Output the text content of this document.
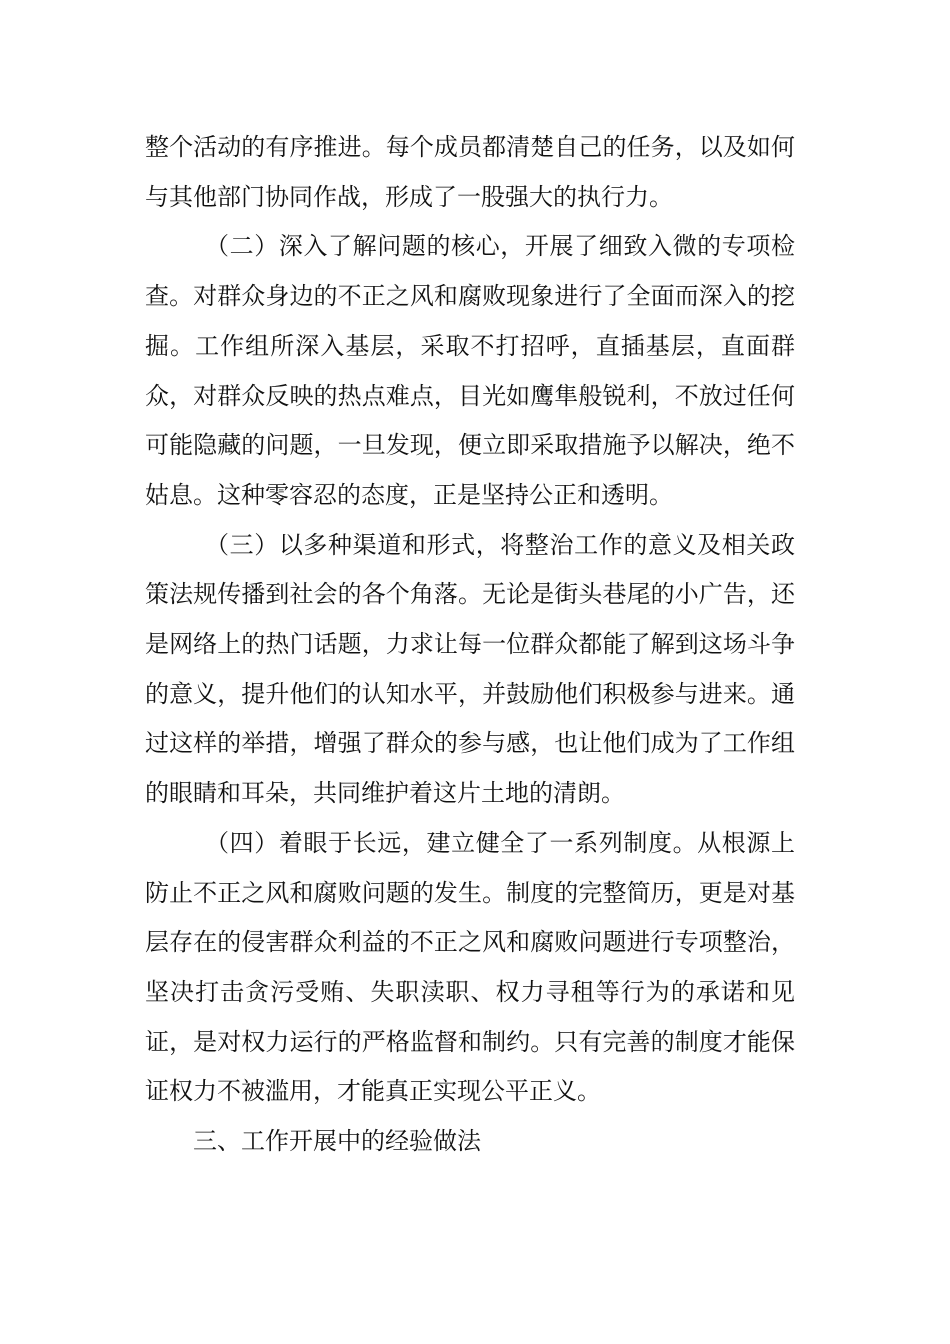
整个活动的有序推进。每个成员都清楚自己的任务，以及如何与其他部门协同作战，形成了一股强大的执行力。

（二）深入了解问题的核心，开展了细致入微的专项检查。对群众身边的不正之风和腐败现象进行了全面而深入的挖掘。工作组所深入基层，采取不打招呼，直插基层，直面群众，对群众反映的热点难点，目光如鹰隼般锐利，不放过任何可能隐藏的问题，一旦发现，便立即采取措施予以解决，绝不姑息。这种零容忍的态度，正是坚持公正和透明。

（三）以多种渠道和形式，将整治工作的意义及相关政策法规传播到社会的各个角落。无论是街头巷尾的小广告，还是网络上的热门话题，力求让每一位群众都能了解到这场斗争的意义，提升他们的认知水平，并鼓励他们积极参与进来。通过这样的举措，增强了群众的参与感，也让他们成为了工作组的眼睛和耳朵，共同维护着这片土地的清朗。

（四）着眼于长远，建立健全了一系列制度。从根源上防止不正之风和腐败问题的发生。制度的完整简历，更是对基层存在的侵害群众利益的不正之风和腐败问题进行专项整治，坚决打击贪污受贿、失职渎职、权力寻租等行为的承诺和见证，是对权力运行的严格监督和制约。只有完善的制度才能保证权力不被滥用，才能真正实现公平正义。

三、工作开展中的经验做法
